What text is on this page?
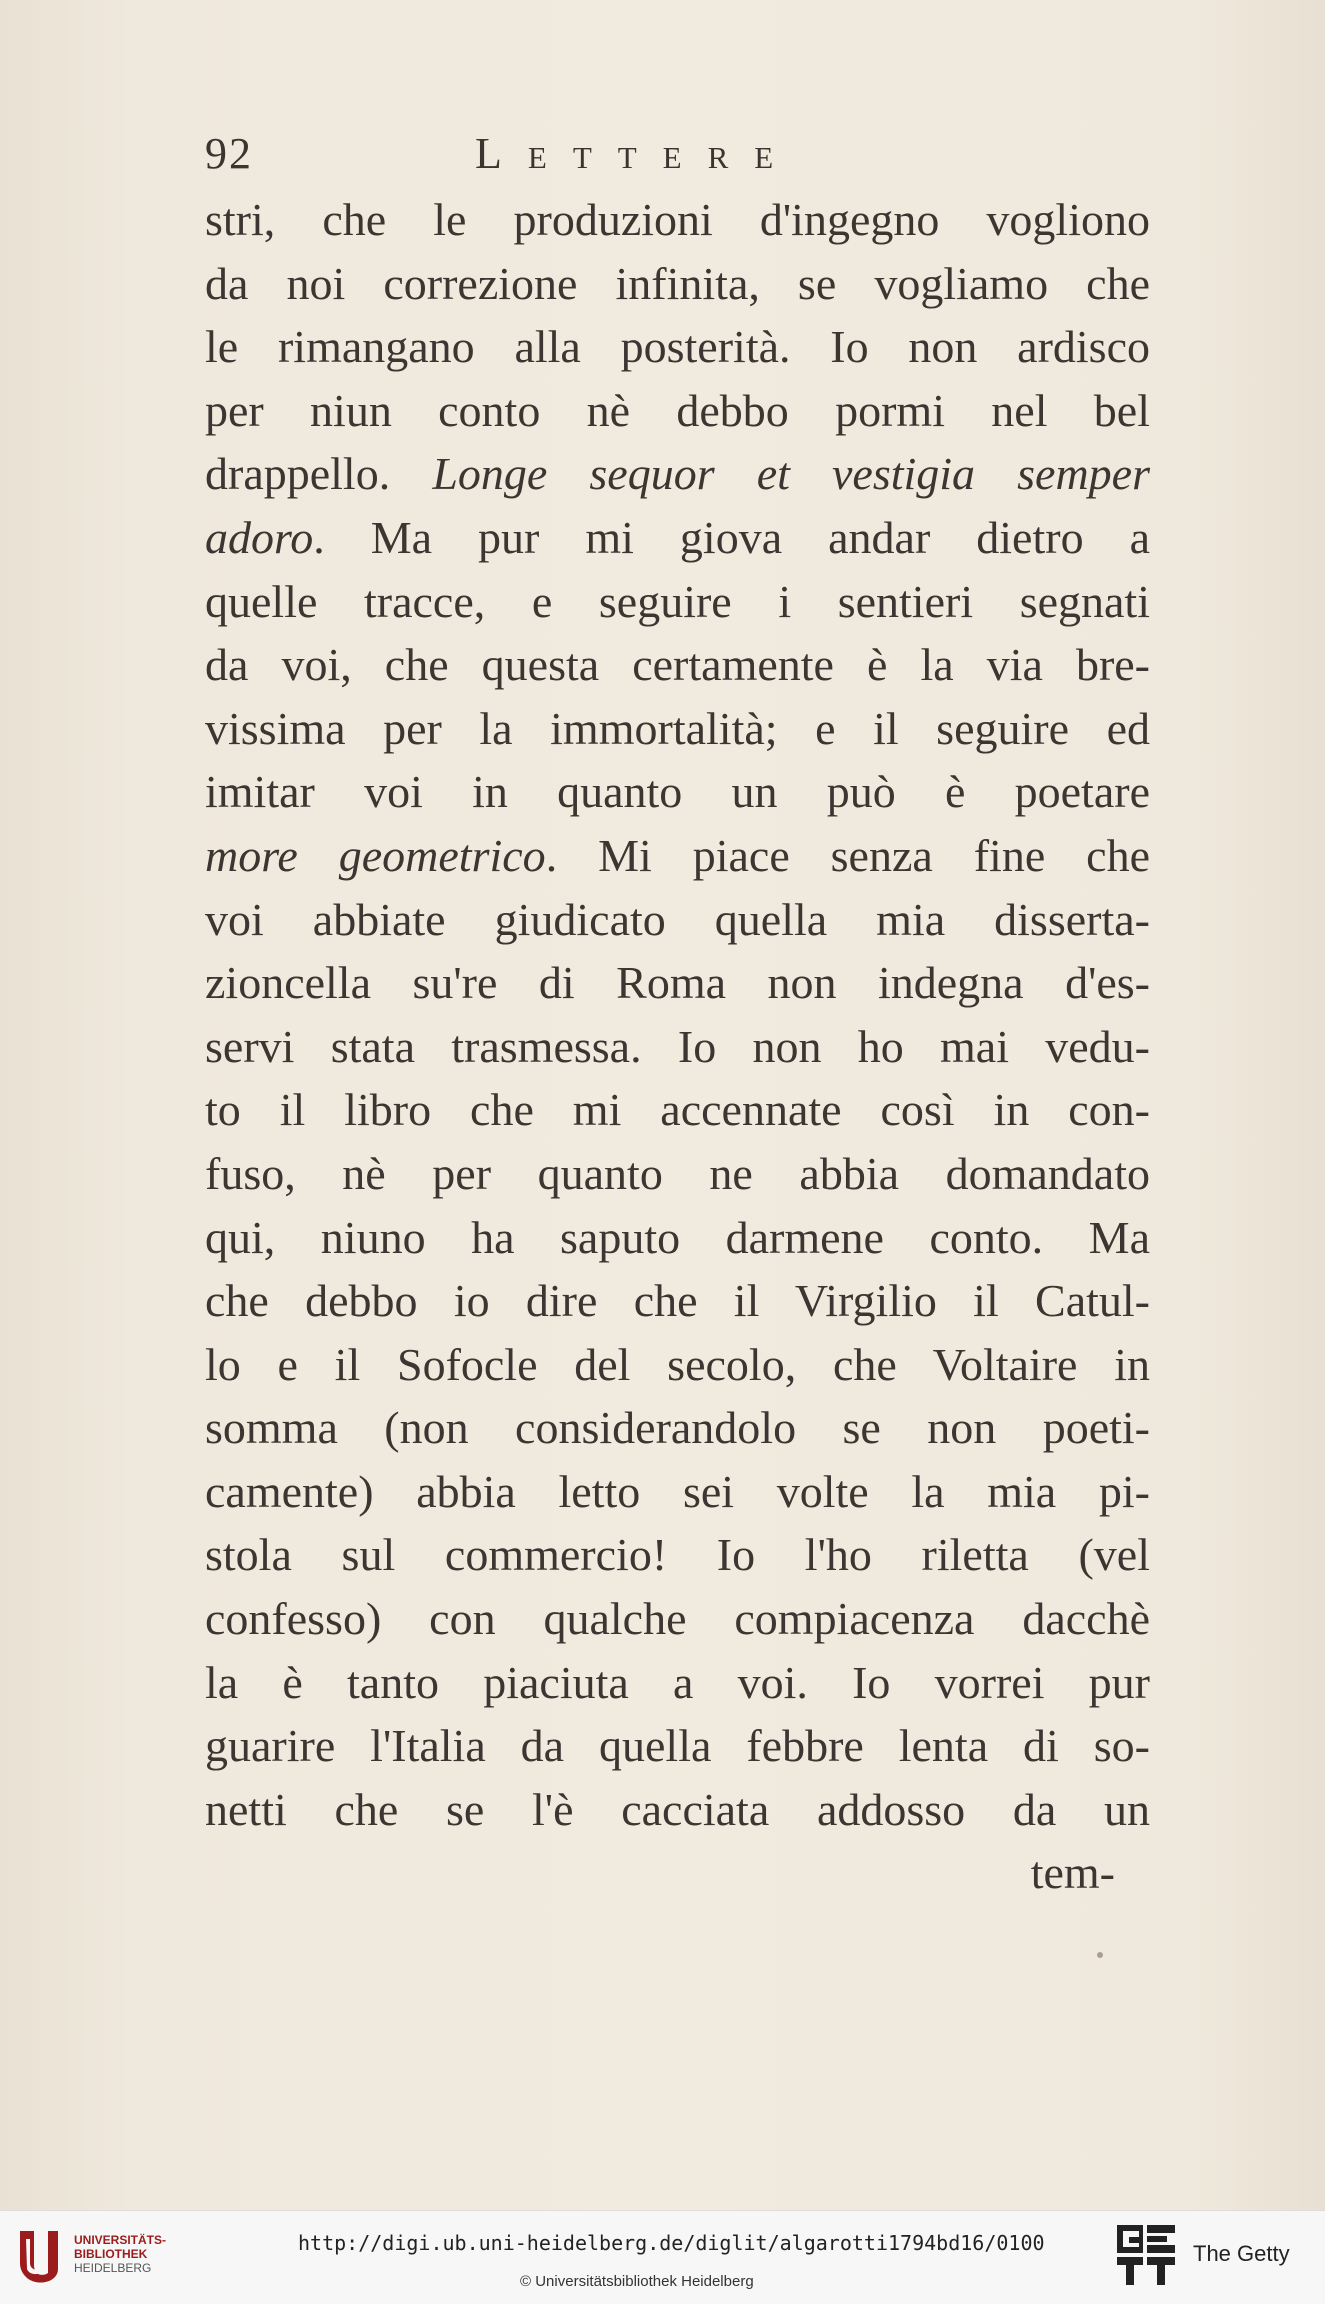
92	Lettere
stri, che le produzioni d'ingegno vogliono
da noi correzione infinita, se vogliamo che
le rimangano alla posterità. Io non ardisco
per niun conto nè debbo pormi nel bel
drappello. Longe sequor et vestigia semper
adoro. Ma pur mi giova andar dietro a
quelle tracce, e seguire i sentieri segnati
da voi, che questa certamente è la via bre-
vissima per la immortalità; e il seguire ed
imitar voi in quanto un può è poetare
more geometrico. Mi piace senza fine che
voi abbiate giudicato quella mia disserta-
zioncella su're di Roma non indegna d'es-
servi stata trasmessa. Io non ho mai vedu-
to il libro che mi accennate così in con-
fuso, nè per quanto ne abbia domandato
qui, niuno ha saputo darmene conto. Ma
che debbo io dire che il Virgilio il Catul-
lo e il Sofocle del secolo, che Voltaire in
somma (non considerandolo se non poeti-
camente) abbia letto sei volte la mia pi-
stola sul commercio! Io l'ho riletta (vel
confesso) con qualche compiacenza dacchè
la è tanto piaciuta a voi. Io vorrei pur
guarire l'Italia da quella febbre lenta di so-
netti che se l'è cacciata addosso da un
tem-
UNIVERSITÄTS-
BIBLIOTHEK
HEIDELBERG
http://digi.ub.uni-heidelberg.de/diglit/algarotti1794bd16/0100
© Universitätsbibliothek Heidelberg
The Getty
